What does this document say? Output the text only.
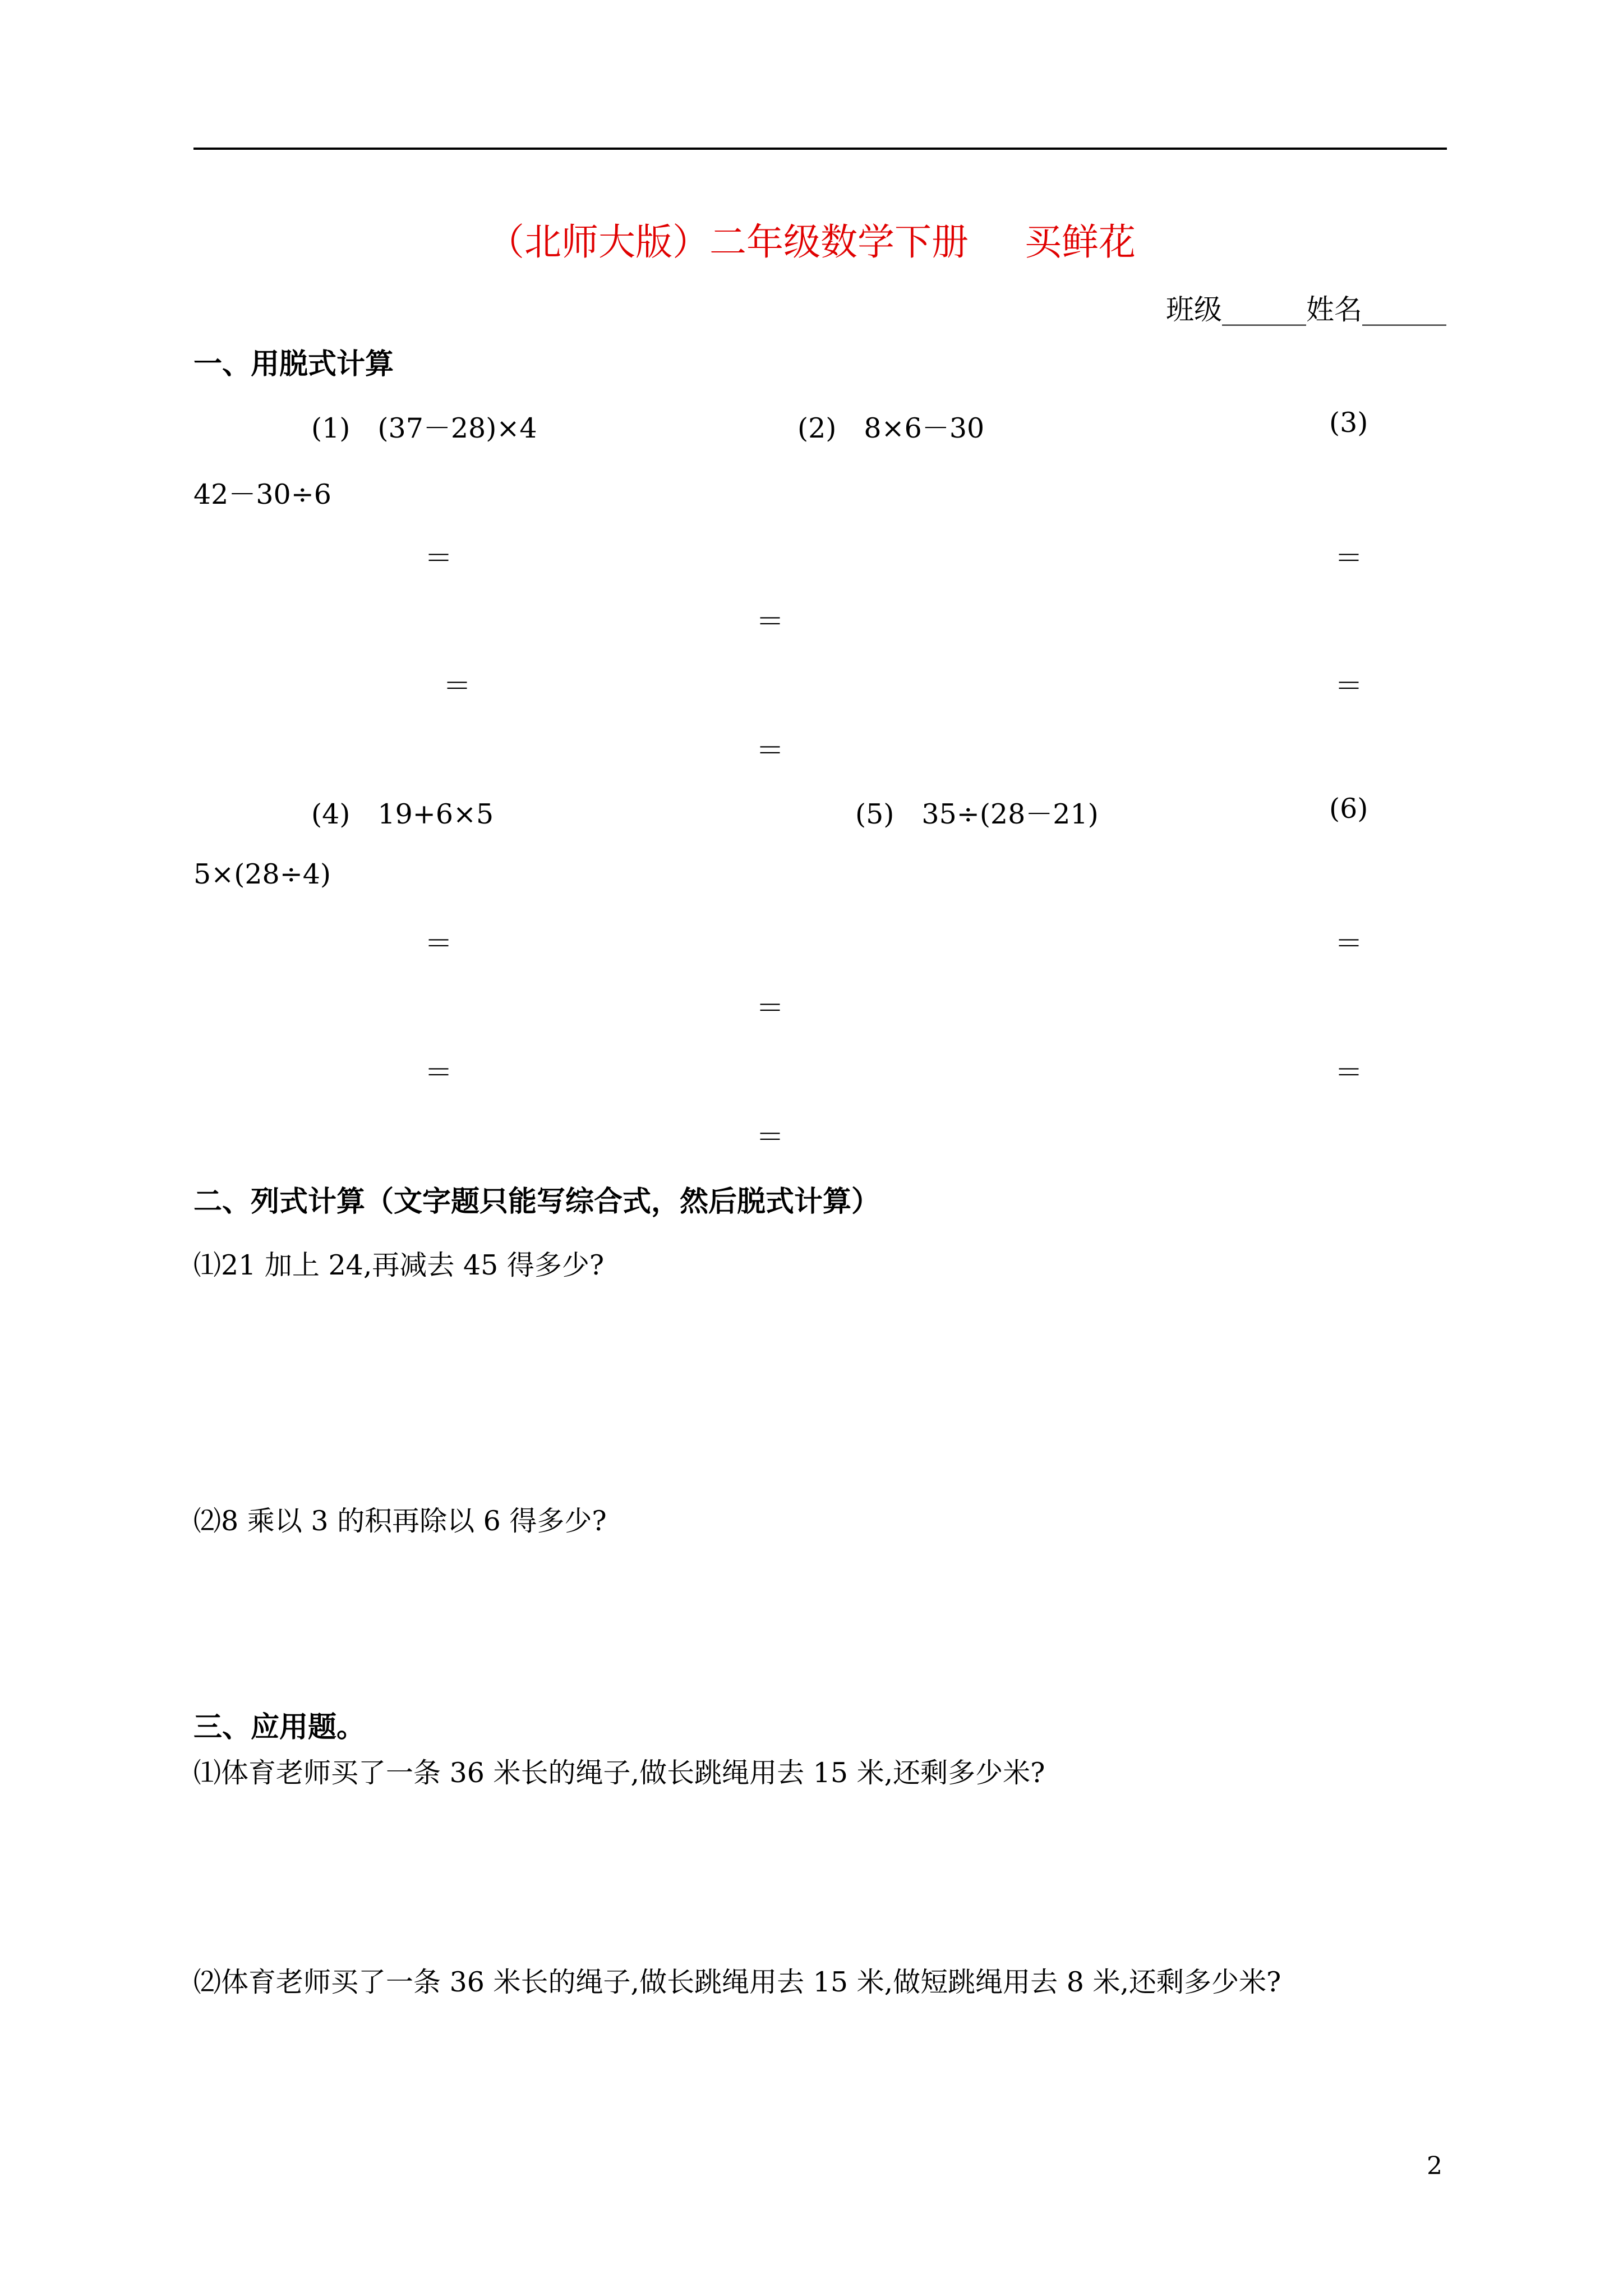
（北师大版）二年级数学下册 买鲜花
班级______姓名______
一、用脱式计算
(1)　(37－28)×4	(2)　8×6－30	(3)
42－30÷6
＝	＝
＝
＝	＝
＝
(4)　19+6×5	(5)　35÷(28－21)	(6)
5×(28÷4)
＝	＝
＝
＝	＝
＝
二、列式计算（文字题只能写综合式，然后脱式计算）
⑴21 加上 24,再减去 45 得多少?
⑵8 乘以 3 的积再除以 6 得多少?
三、应用题。
⑴体育老师买了一条 36 米长的绳子,做长跳绳用去 15 米,还剩多少米?
⑵体育老师买了一条 36 米长的绳子,做长跳绳用去 15 米,做短跳绳用去 8 米,还剩多少米?
2
